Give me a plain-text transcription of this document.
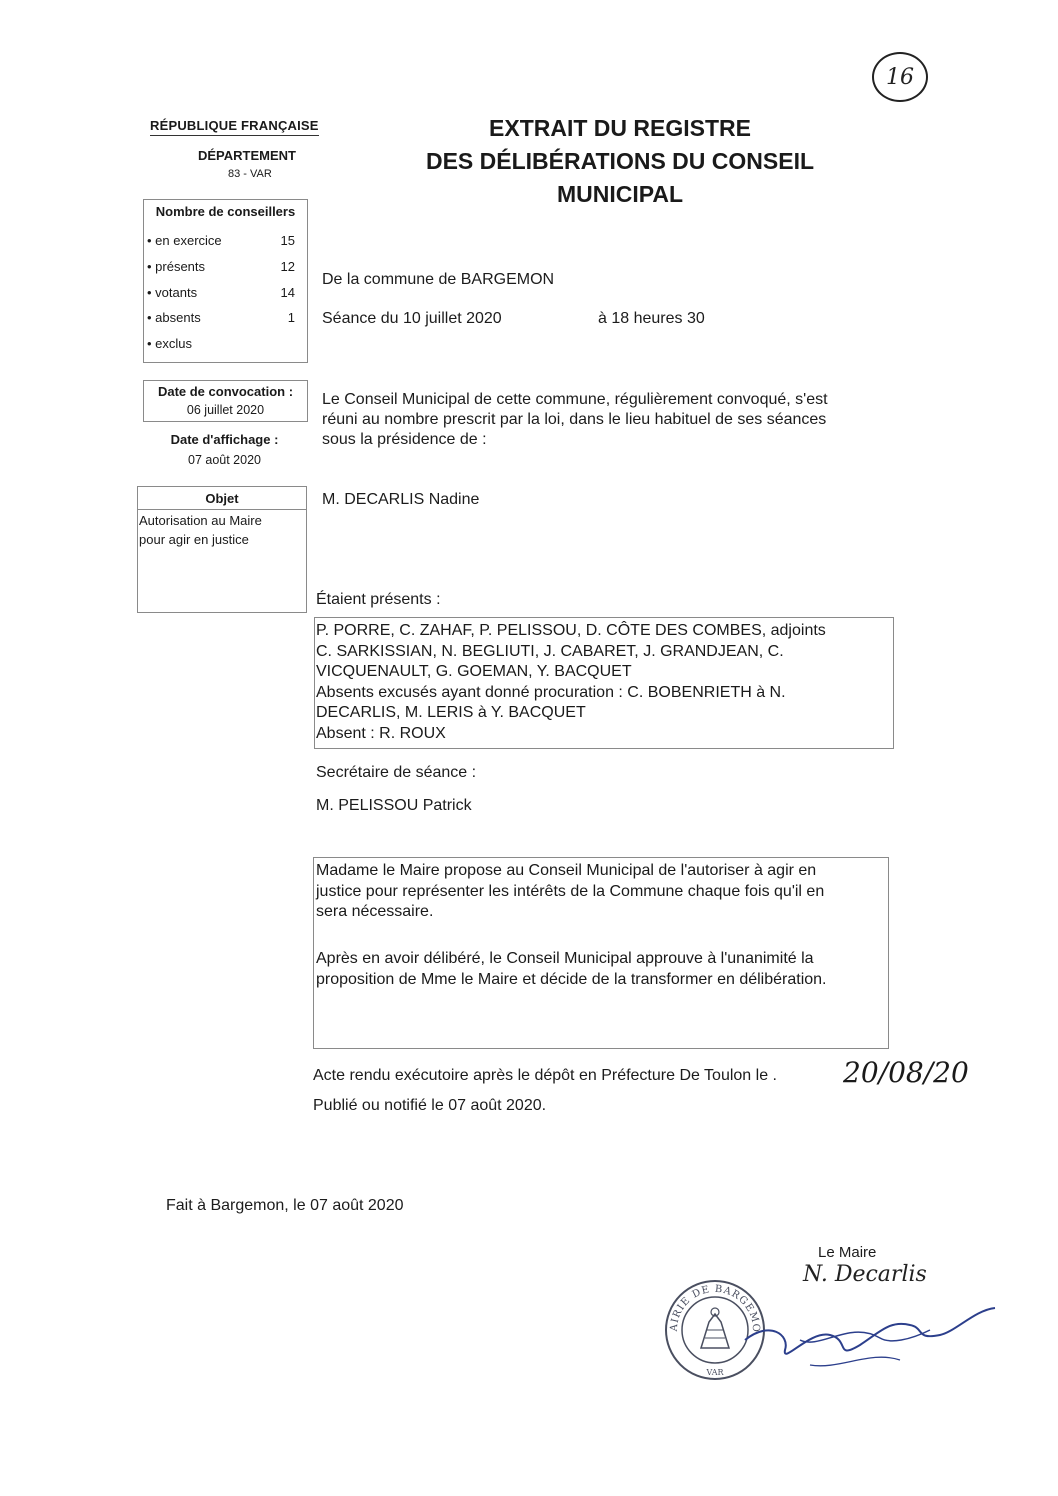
16
RÉPUBLIQUE FRANÇAISE
DÉPARTEMENT
83 - VAR
EXTRAIT DU REGISTRE
DES DÉLIBÉRATIONS DU CONSEIL
MUNICIPAL
Nombre de conseillers
• en exercice	15
• présents	12
• votants	14
• absents	1
• exclus
Date de convocation :
06 juillet 2020
Date d'affichage :
07 août 2020
Objet
Autorisation au Maire
pour agir en justice
De la commune de BARGEMON
Séance du 10 juillet 2020	à 18 heures 30
Le Conseil Municipal de cette commune, régulièrement convoqué, s'est
réuni au nombre prescrit par la loi, dans le lieu habituel de ses séances
sous la présidence de :
M. DECARLIS Nadine
Étaient présents :
P. PORRE, C. ZAHAF, P. PELISSOU, D. CÔTE DES COMBES, adjoints
C. SARKISSIAN, N. BEGLIUTI, J. CABARET, J. GRANDJEAN, C.
VICQUENAULT, G. GOEMAN, Y. BACQUET
Absents excusés ayant donné procuration : C. BOBENRIETH à N.
DECARLIS, M. LERIS à Y. BACQUET
Absent : R. ROUX
Secrétaire de séance :
M. PELISSOU Patrick
Madame le Maire propose au Conseil Municipal de l'autoriser à agir en
justice pour représenter les intérêts de la Commune chaque fois qu'il en
sera nécessaire.
Après en avoir délibéré, le Conseil Municipal approuve à l'unanimité la
proposition de Mme le Maire et décide de la transformer en délibération.
Acte rendu exécutoire après le dépôt en Préfecture De Toulon le . 20/08/20
Publié ou notifié le 07 août 2020.
Fait à Bargemon, le 07 août 2020
Le Maire
N. Decarlis
AIRIE DE BARGEMO
VAR
